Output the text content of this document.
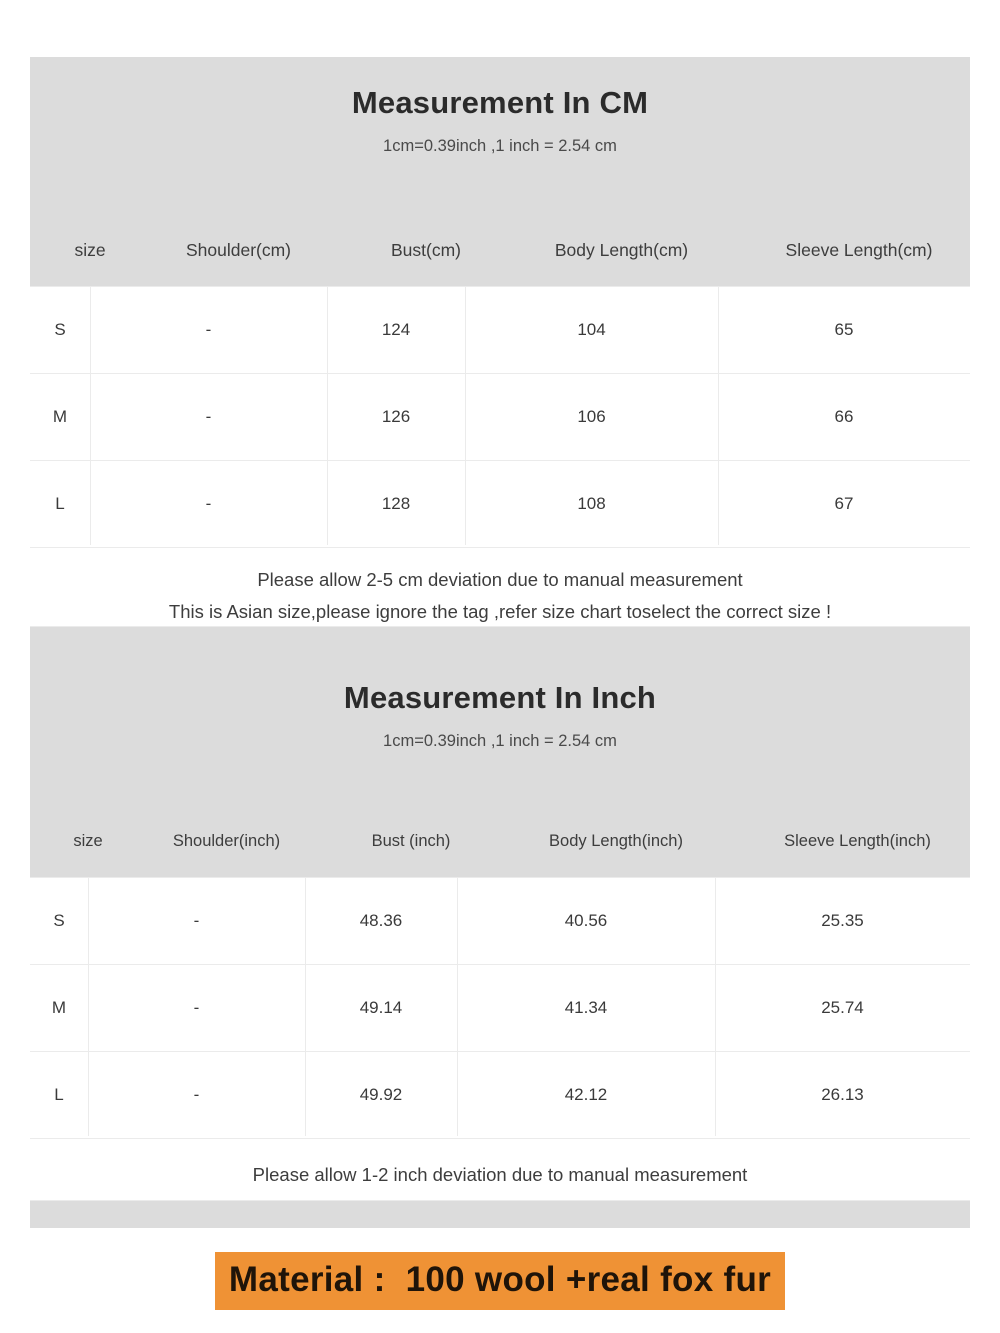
Measurement In CM
1cm=0.39inch ,1 inch = 2.54 cm
size	Shoulder(cm)	Bust(cm)	Body Length(cm)	Sleeve Length(cm)
S	-	124	104	65
M	-	126	106	66
L	-	128	108	67
Please allow 2-5 cm deviation due to manual measurement
This is Asian size,please ignore the tag ,refer size chart toselect the correct size !
Measurement In Inch
1cm=0.39inch ,1 inch = 2.54 cm
size	Shoulder(inch)	Bust (inch)	Body Length(inch)	Sleeve Length(inch)
S	-	48.36	40.56	25.35
M	-	49.14	41.34	25.74
L	-	49.92	42.12	26.13
Please allow 1-2 inch deviation due to manual measurement
Material :  100 wool +real fox fur
